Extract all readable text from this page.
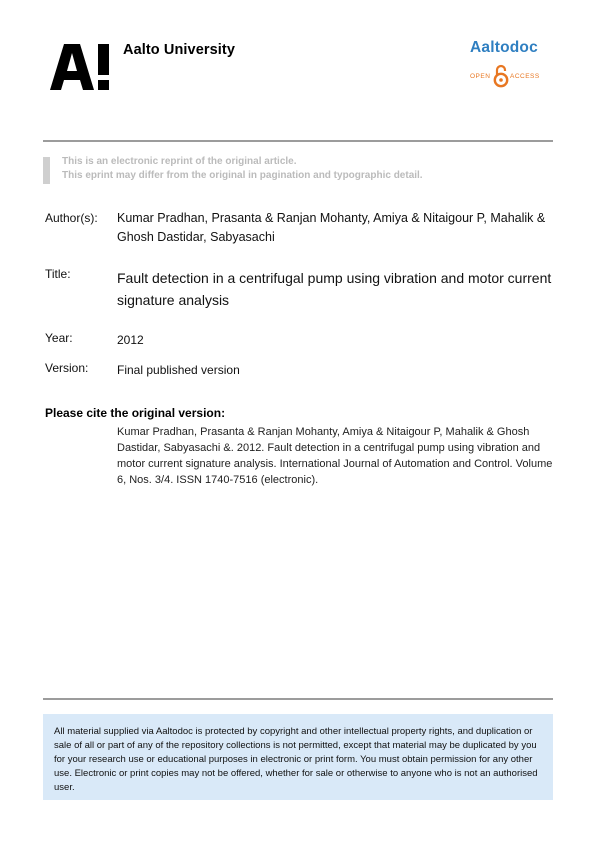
Aalto University	Aaltodoc
OPEN	ACCESS
This is an electronic reprint of the original article.
This eprint may differ from the original in pagination and typographic detail.
Author(s): Kumar Pradhan, Prasanta & Ranjan Mohanty, Amiya & Nitaigour P, Mahalik & Ghosh Dastidar, Sabyasachi
Title:	Fault detection in a centrifugal pump using vibration and motor current signature analysis
Year:	2012
Version: Final published version
Please cite the original version:
Kumar Pradhan, Prasanta & Ranjan Mohanty, Amiya & Nitaigour P, Mahalik & Ghosh Dastidar, Sabyasachi &. 2012. Fault detection in a centrifugal pump using vibration and motor current signature analysis. International Journal of Automation and Control. Volume 6, Nos. 3/4. ISSN 1740-7516 (electronic).
All material supplied via Aaltodoc is protected by copyright and other intellectual property rights, and duplication or sale of all or part of any of the repository collections is not permitted, except that material may be duplicated by you for your research use or educational purposes in electronic or print form. You must obtain permission for any other use. Electronic or print copies may not be offered, whether for sale or otherwise to anyone who is not an authorised user.
